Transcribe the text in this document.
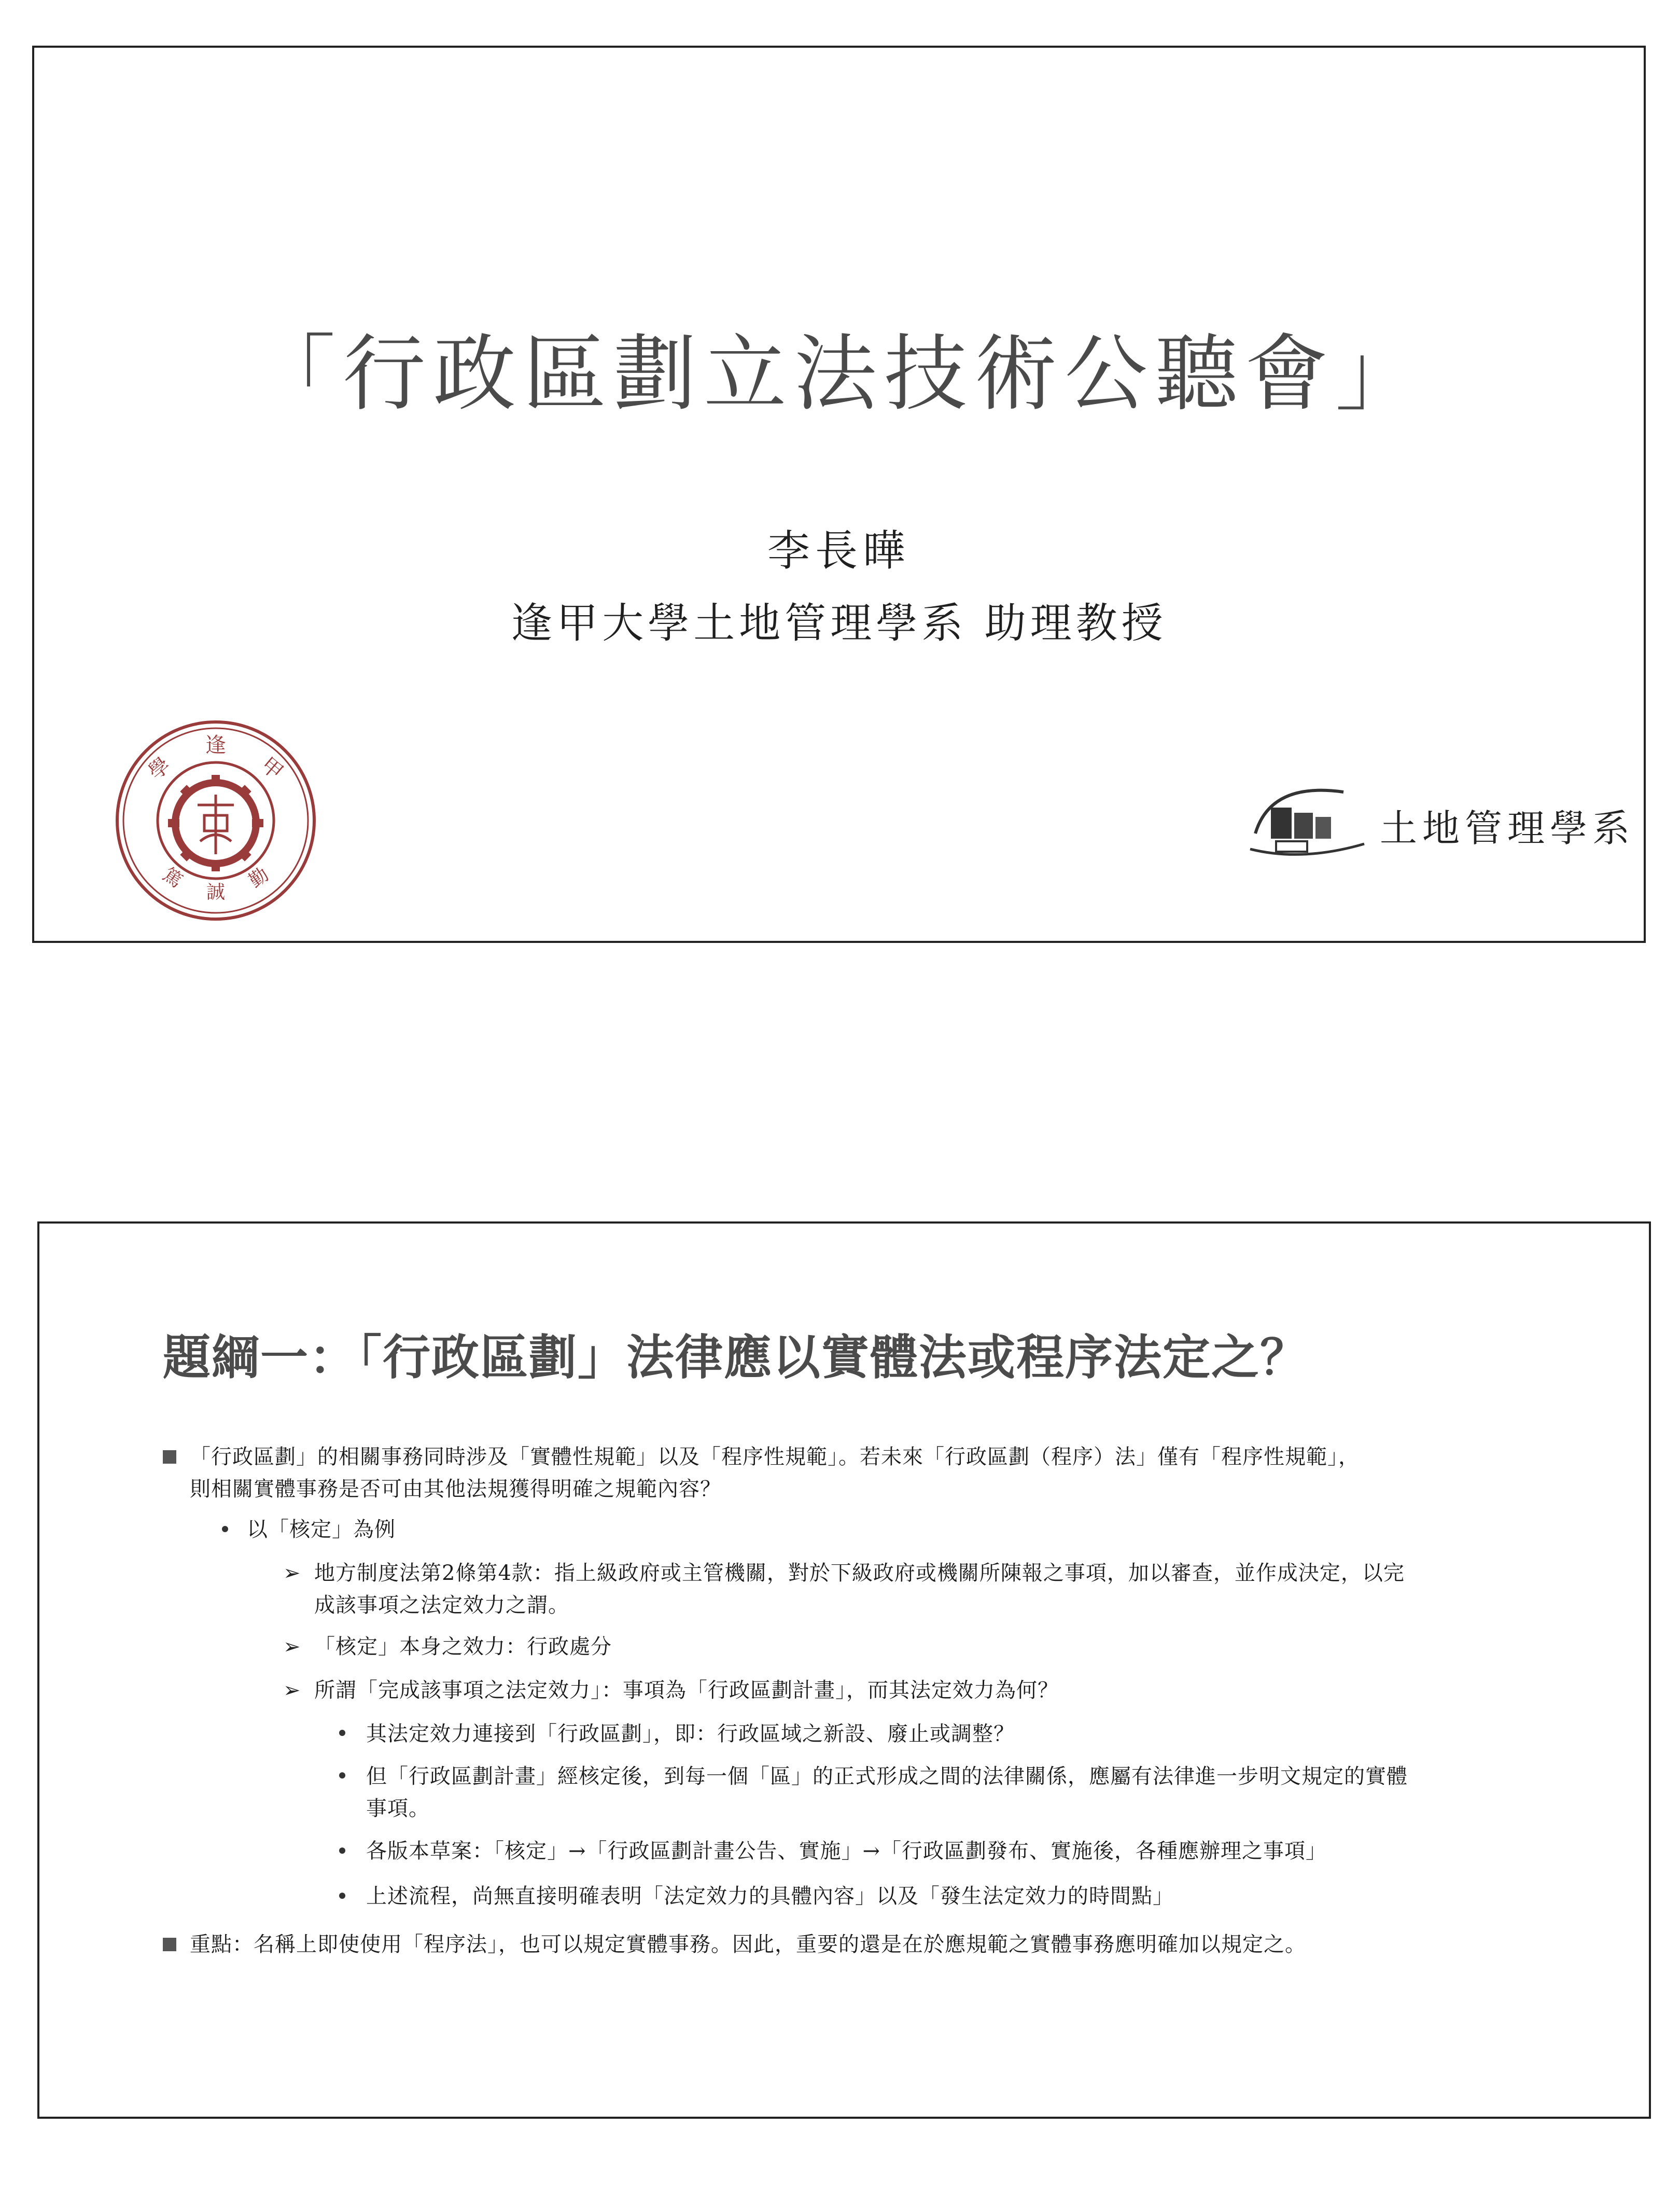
「行政區劃立法技術公聽會」
李長曄
逢甲大學土地管理學系 助理教授
逢
甲
學
誠
篤	勤
土地管理學系
題綱一：「行政區劃」法律應以實體法或程序法定之？
「行政區劃」的相關事務同時涉及「實體性規範」以及「程序性規範」。若未來「行政區劃（程序）法」僅有「程序性規範」，
則相關實體事務是否可由其他法規獲得明確之規範內容？
以「核定」為例
➢ 地方制度法第2條第4款：指上級政府或主管機關，對於下級政府或機關所陳報之事項，加以審查，並作成決定，以完
成該事項之法定效力之謂。
➢ 「核定」本身之效力：行政處分
➢ 所謂「完成該事項之法定效力」：事項為「行政區劃計畫」，而其法定效力為何？
其法定效力連接到「行政區劃」，即：行政區域之新設、廢止或調整？
但「行政區劃計畫」經核定後，到每一個「區」的正式形成之間的法律關係，應屬有法律進一步明文規定的實體
事項。
各版本草案：「核定」→「行政區劃計畫公告、實施」→「行政區劃發布、實施後，各種應辦理之事項」
上述流程，尚無直接明確表明「法定效力的具體內容」以及「發生法定效力的時間點」
重點：名稱上即使使用「程序法」，也可以規定實體事務。因此，重要的還是在於應規範之實體事務應明確加以規定之。
